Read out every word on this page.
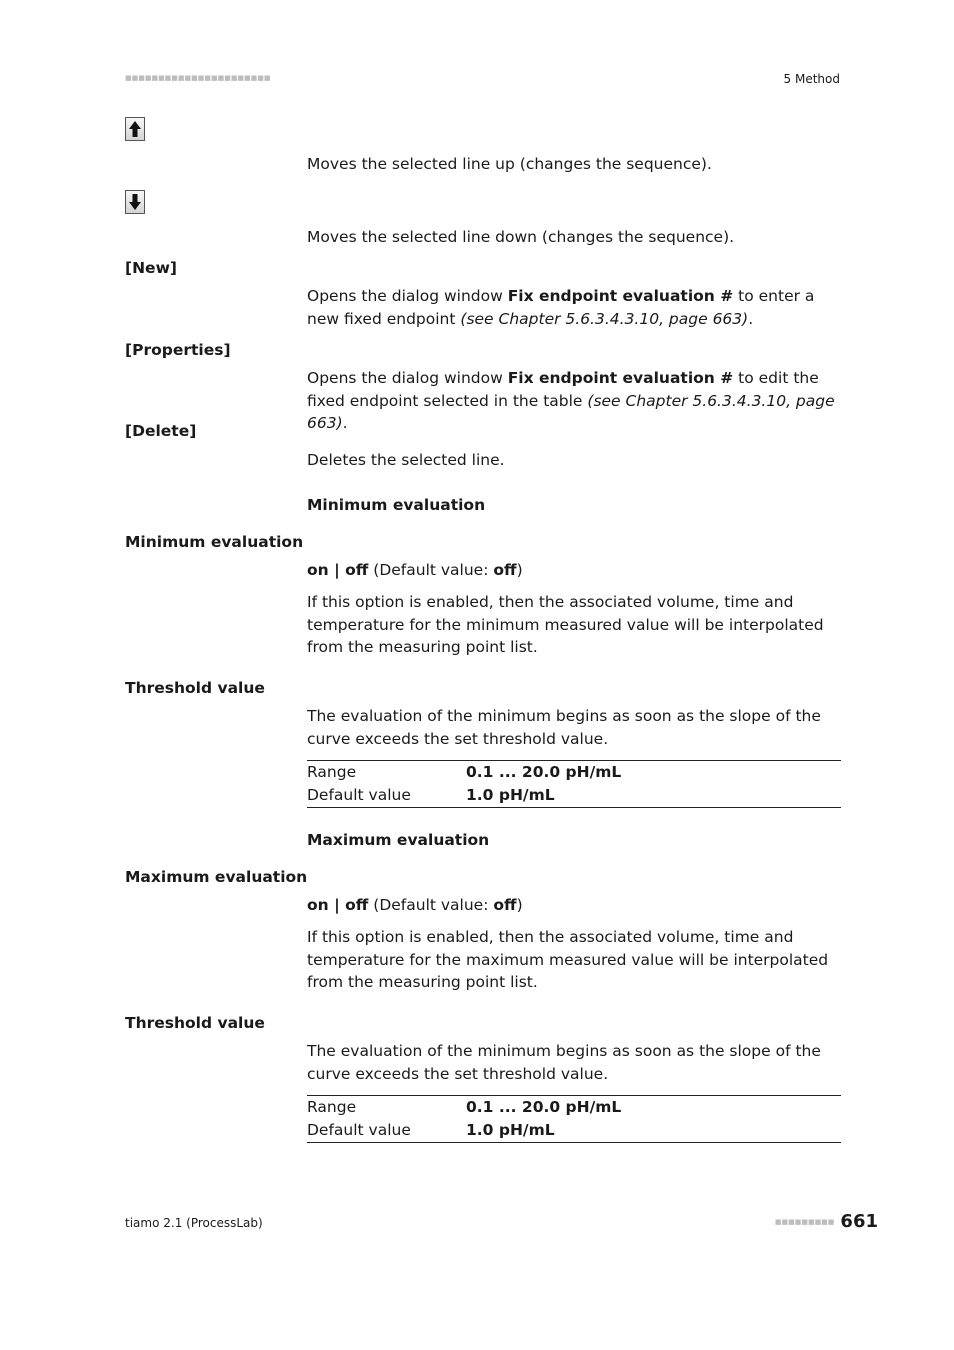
■■■■■■■■■■■■■■■■■■■■■■	5 Method
Moves the selected line up (changes the sequence).
Moves the selected line down (changes the sequence).
[New]
Opens the dialog window Fix endpoint evaluation # to enter a new fixed endpoint (see Chapter 5.6.3.4.3.10, page 663).
[Properties]
Opens the dialog window Fix endpoint evaluation # to edit the fixed endpoint selected in the table (see Chapter 5.6.3.4.3.10, page 663).
[Delete]
Deletes the selected line.
Minimum evaluation
Minimum evaluation
on | off (Default value: off)
If this option is enabled, then the associated volume, time and temperature for the minimum measured value will be interpolated from the measuring point list.
Threshold value
The evaluation of the minimum begins as soon as the slope of the curve exceeds the set threshold value.
Range	0.1 ... 20.0 pH/mL
Default value	1.0 pH/mL
Maximum evaluation
Maximum evaluation
on | off (Default value: off)
If this option is enabled, then the associated volume, time and temperature for the maximum measured value will be interpolated from the measuring point list.
Threshold value
The evaluation of the minimum begins as soon as the slope of the curve exceeds the set threshold value.
Range	0.1 ... 20.0 pH/mL
Default value	1.0 pH/mL
tiamo 2.1 (ProcessLab)	■■■■■■■■■ 661
